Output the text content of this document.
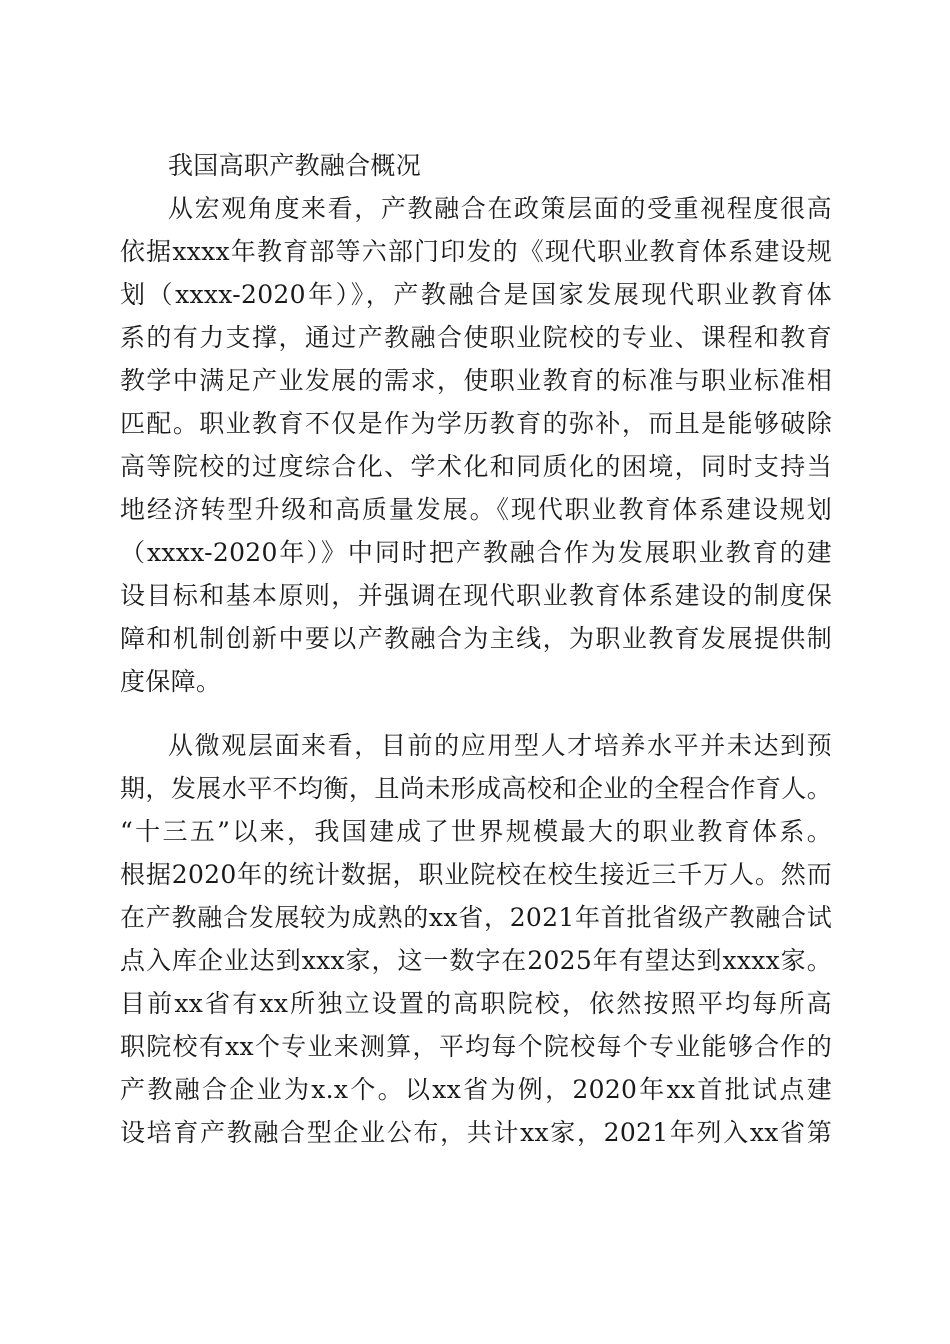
我国高职产教融合概况
从宏观角度来看，产教融合在政策层面的受重视程度很高
依据xxxx年教育部等六部门印发的《现代职业教育体系建设规
划（xxxx-2020年）》，产教融合是国家发展现代职业教育体
系的有力支撑，通过产教融合使职业院校的专业、课程和教育
教学中满足产业发展的需求，使职业教育的标准与职业标准相
匹配。职业教育不仅是作为学历教育的弥补，而且是能够破除
高等院校的过度综合化、学术化和同质化的困境，同时支持当
地经济转型升级和高质量发展。《现代职业教育体系建设规划
（xxxx-2020年）》中同时把产教融合作为发展职业教育的建
设目标和基本原则，并强调在现代职业教育体系建设的制度保
障和机制创新中要以产教融合为主线，为职业教育发展提供制
度保障。
从微观层面来看，目前的应用型人才培养水平并未达到预
期，发展水平不均衡，且尚未形成高校和企业的全程合作育人。
“十三五”以来，我国建成了世界规模最大的职业教育体系。
根据2020年的统计数据，职业院校在校生接近三千万人。然而
在产教融合发展较为成熟的xx省，2021年首批省级产教融合试
点入库企业达到xxx家，这一数字在2025年有望达到xxxx家。
目前xx省有xx所独立设置的高职院校，依然按照平均每所高
职院校有xx个专业来测算，平均每个院校每个专业能够合作的
产教融合企业为x.x个。以xx省为例，2020年xx首批试点建
设培育产教融合型企业公布，共计xx家，2021年列入xx省第
